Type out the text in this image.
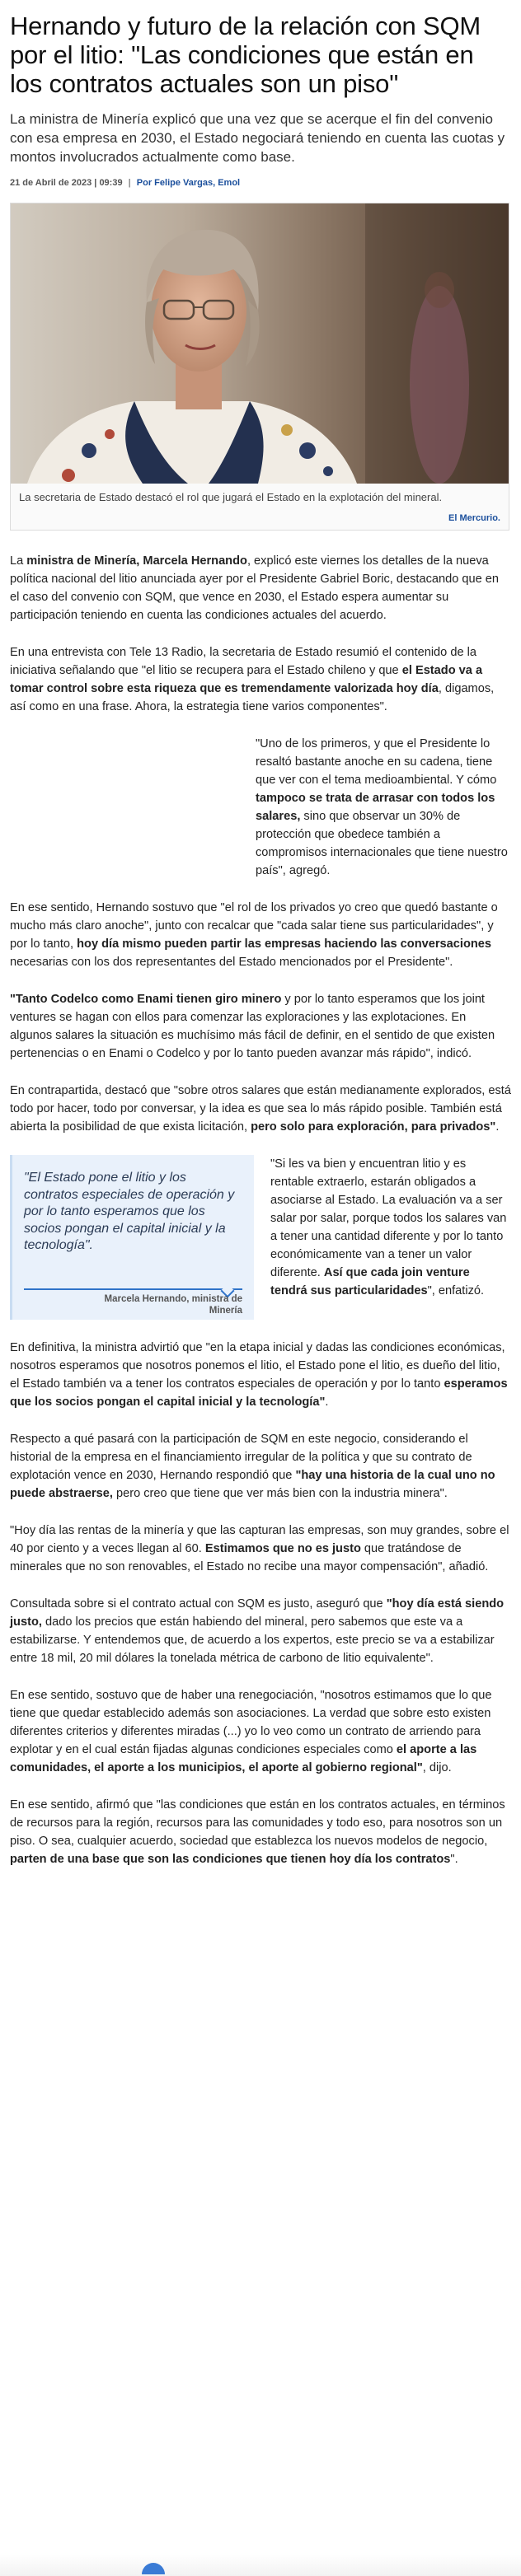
Hernando y futuro de la relación con SQM por el litio: "Las condiciones que están en los contratos actuales son un piso"

La ministra de Minería explicó que una vez que se acerque el fin del convenio con esa empresa en 2030, el Estado negociará teniendo en cuenta las cuotas y montos involucrados actualmente como base.

21 de Abril de 2023 | 09:39 | Por Felipe Vargas, Emol
La secretaria de Estado destacó el rol que jugará el Estado en la explotación del mineral.
El Mercurio.

La ministra de Minería, Marcela Hernando, explicó este viernes los detalles de la nueva política nacional del litio anunciada ayer por el Presidente Gabriel Boric, destacando que en el caso del convenio con SQM, que vence en 2030, el Estado espera aumentar su participación teniendo en cuenta las condiciones actuales del acuerdo.

En una entrevista con Tele 13 Radio, la secretaria de Estado resumió el contenido de la iniciativa señalando que "el litio se recupera para el Estado chileno y que el Estado va a tomar control sobre esta riqueza que es tremendamente valorizada hoy día, digamos, así como en una frase. Ahora, la estrategia tiene varios componentes".

"Uno de los primeros, y que el Presidente lo resaltó bastante anoche en su cadena, tiene que ver con el tema medioambiental. Y cómo tampoco se trata de arrasar con todos los salares, sino que observar un 30% de protección que obedece también a compromisos internacionales que tiene nuestro país", agregó.

En ese sentido, Hernando sostuvo que "el rol de los privados yo creo que quedó bastante o mucho más claro anoche", junto con recalcar que "cada salar tiene sus particularidades", y por lo tanto, hoy día mismo pueden partir las empresas haciendo las conversaciones necesarias con los dos representantes del Estado mencionados por el Presidente".

"Tanto Codelco como Enami tienen giro minero y por lo tanto esperamos que los joint ventures se hagan con ellos para comenzar las exploraciones y las explotaciones. En algunos salares la situación es muchísimo más fácil de definir, en el sentido de que existen pertenencias o en Enami o Codelco y por lo tanto pueden avanzar más rápido", indicó.

En contrapartida, destacó que "sobre otros salares que están medianamente explorados, está todo por hacer, todo por conversar, y la idea es que sea lo más rápido posible. También está abierta la posibilidad de que exista licitación, pero solo para exploración, para privados".

"El Estado pone el litio y los contratos especiales de operación y por lo tanto esperamos que los socios pongan el capital inicial y la tecnología".
Marcela Hernando, ministra de Minería
"Si les va bien y encuentran litio y es rentable extraerlo, estarán obligados a asociarse al Estado. La evaluación va a ser salar por salar, porque todos los salares van a tener una cantidad diferente y por lo tanto económicamente van a tener un valor diferente. Así que cada join venture tendrá sus particularidades", enfatizó.

En definitiva, la ministra advirtió que "en la etapa inicial y dadas las condiciones económicas, nosotros esperamos que nosotros ponemos el litio, el Estado pone el litio, es dueño del litio, el Estado también va a tener los contratos especiales de operación y por lo tanto esperamos que los socios pongan el capital inicial y la tecnología".

Respecto a qué pasará con la participación de SQM en este negocio, considerando el historial de la empresa en el financiamiento irregular de la política y que su contrato de explotación vence en 2030, Hernando respondió que "hay una historia de la cual uno no puede abstraerse, pero creo que tiene que ver más bien con la industria minera".

"Hoy día las rentas de la minería y que las capturan las empresas, son muy grandes, sobre el 40 por ciento y a veces llegan al 60. Estimamos que no es justo que tratándose de minerales que no son renovables, el Estado no recibe una mayor compensación", añadió.

Consultada sobre si el contrato actual con SQM es justo, aseguró que "hoy día está siendo justo, dado los precios que están habiendo del mineral, pero sabemos que este va a estabilizarse. Y entendemos que, de acuerdo a los expertos, este precio se va a estabilizar entre 18 mil, 20 mil dólares la tonelada métrica de carbono de litio equivalente".

En ese sentido, sostuvo que de haber una renegociación, "nosotros estimamos que lo que tiene que quedar establecido además son asociaciones. La verdad que sobre esto existen diferentes criterios y diferentes miradas (...) yo lo veo como un contrato de arriendo para explotar y en el cual están fijadas algunas condiciones especiales como el aporte a las comunidades, el aporte a los municipios, el aporte al gobierno regional", dijo.

En ese sentido, afirmó que "las condiciones que están en los contratos actuales, en términos de recursos para la región, recursos para las comunidades y todo eso, para nosotros son un piso. O sea, cualquier acuerdo, sociedad que establezca los nuevos modelos de negocio, parten de una base que son las condiciones que tienen hoy día los contratos".
